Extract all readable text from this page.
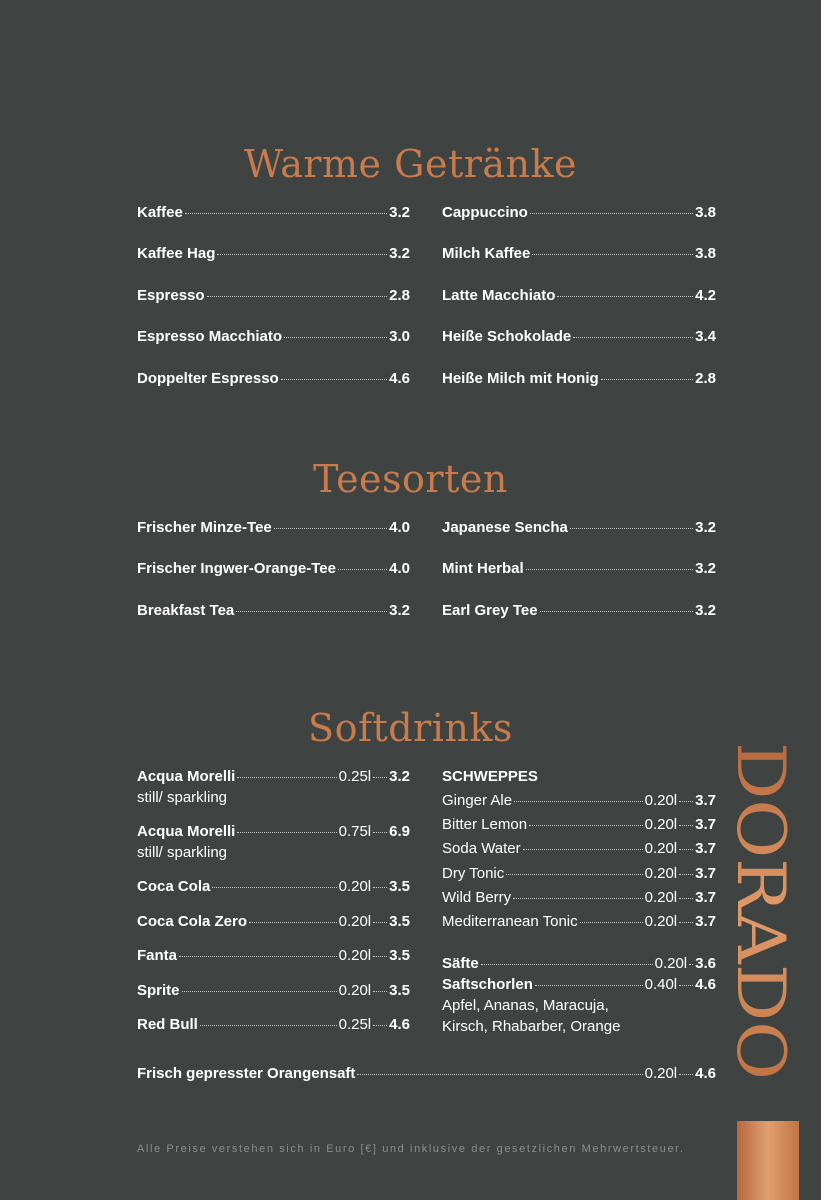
Warme Getränke
Teesorten
Softdrinks
Kaffee	3.2
Kaffee Hag	3.2
Espresso	2.8
Espresso Macchiato	3.0
Doppelter Espresso	4.6
Cappuccino	3.8
Milch Kaffee	3.8
Latte Macchiato	4.2
Heiße Schokolade	3.4
Heiße Milch mit Honig	2.8
Frischer Minze-Tee	4.0
Frischer Ingwer-Orange-Tee	4.0
Breakfast Tea	3.2
Japanese Sencha	3.2
Mint Herbal	3.2
Earl Grey Tee	3.2
Acqua Morelli	0.25l 3.2
still/ sparkling
Acqua Morelli	0.75l 6.9
still/ sparkling
Coca Cola	0.20l 3.5
Coca Cola Zero	0.20l 3.5
Fanta	0.20l 3.5
Sprite	0.20l 3.5
Red Bull	0.25l 4.6
SCHWEPPES
Ginger Ale	0.20l 3.7
Bitter Lemon	0.20l 3.7
Soda Water	0.20l 3.7
Dry Tonic	0.20l 3.7
Wild Berry	0.20l 3.7
Mediterranean Tonic	0.20l 3.7
Säfte	0.20l 3.6
Saftschorlen	0.40l 4.6
Apfel, Ananas, Maracuja,
Kirsch, Rhabarber, Orange
Frisch gepresster Orangensaft	0.20l 4.6
DORADO
Alle Preise verstehen sich in Euro [€] und inklusive der gesetzlichen Mehrwertsteuer.
